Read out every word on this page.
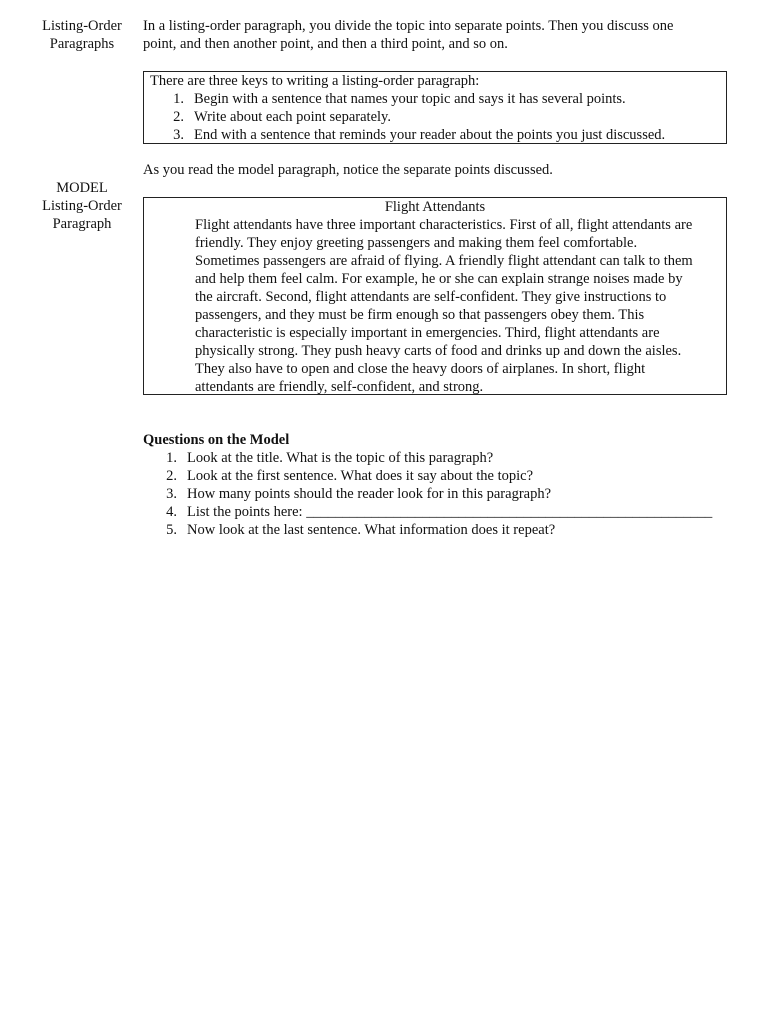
Listing-Order
Paragraphs
In a listing-order paragraph, you divide the topic into separate points. Then you discuss one
point, and then another point, and then a third point, and so on.
There are three keys to writing a listing-order paragraph:
1. Begin with a sentence that names your topic and says it has several points.
2. Write about each point separately.
3. End with a sentence that reminds your reader about the points you just discussed.
As you read the model paragraph, notice the separate points discussed.
MODEL
Listing-Order
Paragraph
Flight Attendants
Flight attendants have three important characteristics. First of all, flight attendants are
friendly. They enjoy greeting passengers and making them feel comfortable.
Sometimes passengers are afraid of flying. A friendly flight attendant can talk to them
and help them feel calm. For example, he or she can explain strange noises made by
the aircraft. Second, flight attendants are self-confident. They give instructions to
passengers, and they must be firm enough so that passengers obey them. This
characteristic is especially important in emergencies. Third, flight attendants are
physically strong. They push heavy carts of food and drinks up and down the aisles.
They also have to open and close the heavy doors of airplanes. In short, flight
attendants are friendly, self-confident, and strong.
Questions on the Model
1. Look at the title. What is the topic of this paragraph?
2. Look at the first sentence. What does it say about the topic?
3. How many points should the reader look for in this paragraph?
4. List the points here: ________________________________________________________
5. Now look at the last sentence. What information does it repeat?
